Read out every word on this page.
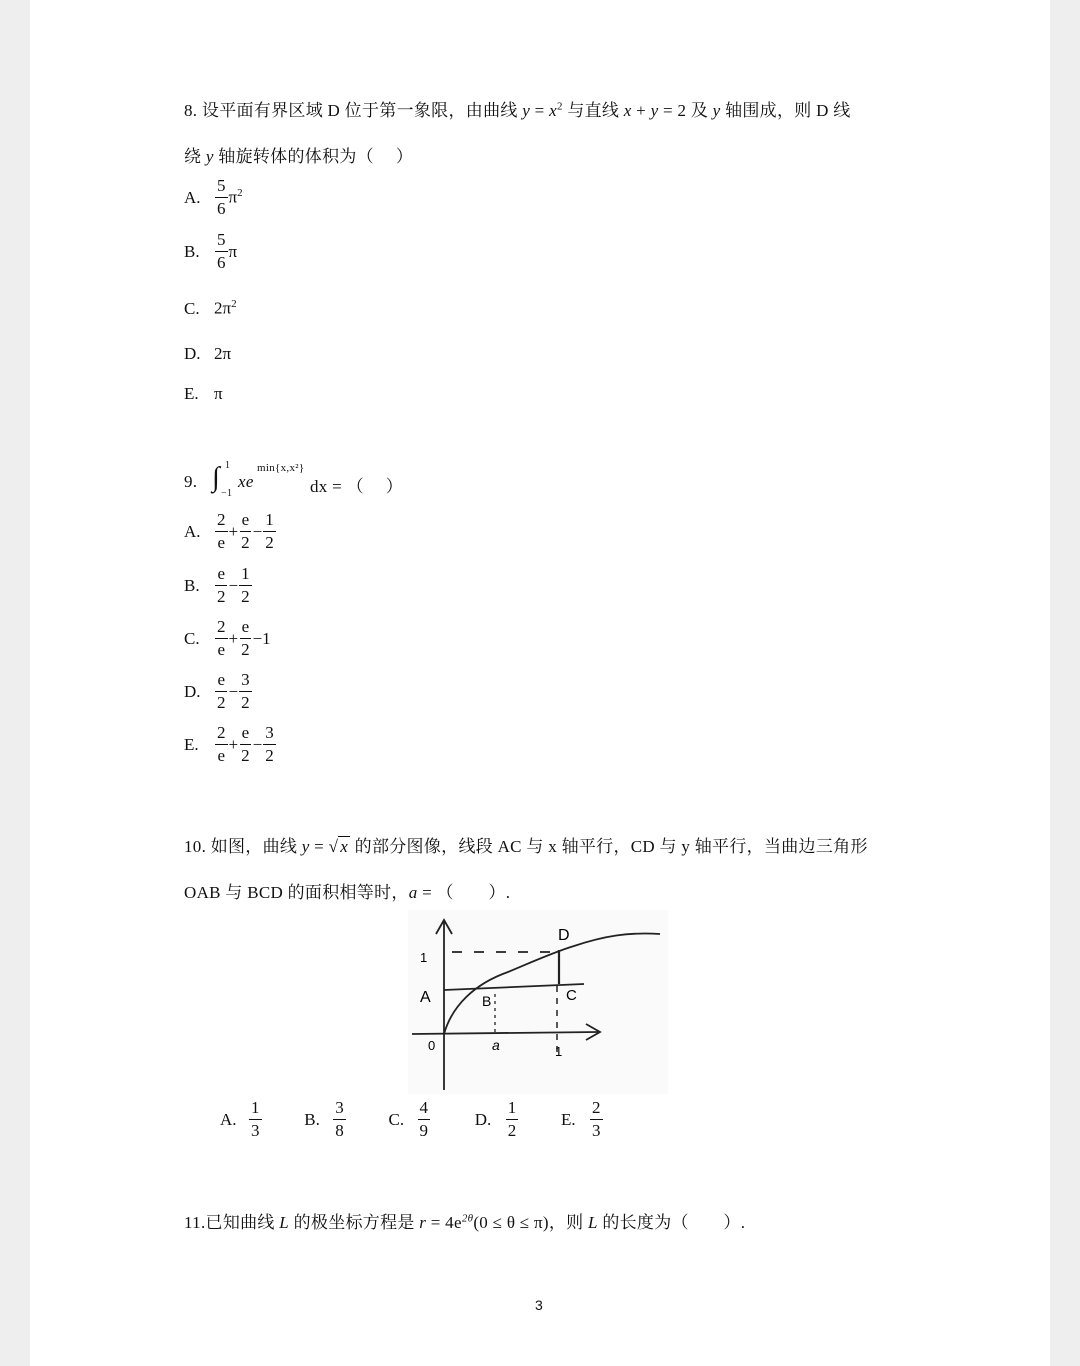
8. 设平面有界区域 D 位于第一象限，由曲线 $y = x^2$ 与直线 x + y = 2 及 y 轴围成，则 D 线
绕 y 轴旋转体的体积为（　 ）
A. $\frac{5}{6} \pi^2$
B. $\frac{5}{6}$ π
C. $2\pi^2$
D. 2π
E. π
9. ∫ 1
−1
xe
min{x,x²}
dx = （　 ）
A. $\frac{2}{e} + \frac{e}{2} - \frac{1}{2}$
B. $\frac{e}{2} - \frac{1}{2}$
C. $\frac{2}{e} + \frac{e}{2} -1$
D. $\frac{e}{2} - \frac{3}{2}$
E. $\frac{2}{e} + \frac{e}{2} - \frac{3}{2}$
10. 如图，曲线 y = √ x 的部分图像，线段 AC 与 x 轴平行，CD 与 y 轴平行，当曲边三角形
OAB 与 BCD 的面积相等时，a = （　　）.
D
A	B	C
1
1
0	a
A. $\frac{1}{3}$	B. $\frac{3}{8}$	C. $\frac{4}{9}$	D. $\frac{1}{2}$	E. $\frac{2}{3}$
11.已知曲线 L 的极坐标方程是 $r = 4e^{2\theta}(0 \le \theta \le \pi)$，则 L 的长度为（　　）.
3
